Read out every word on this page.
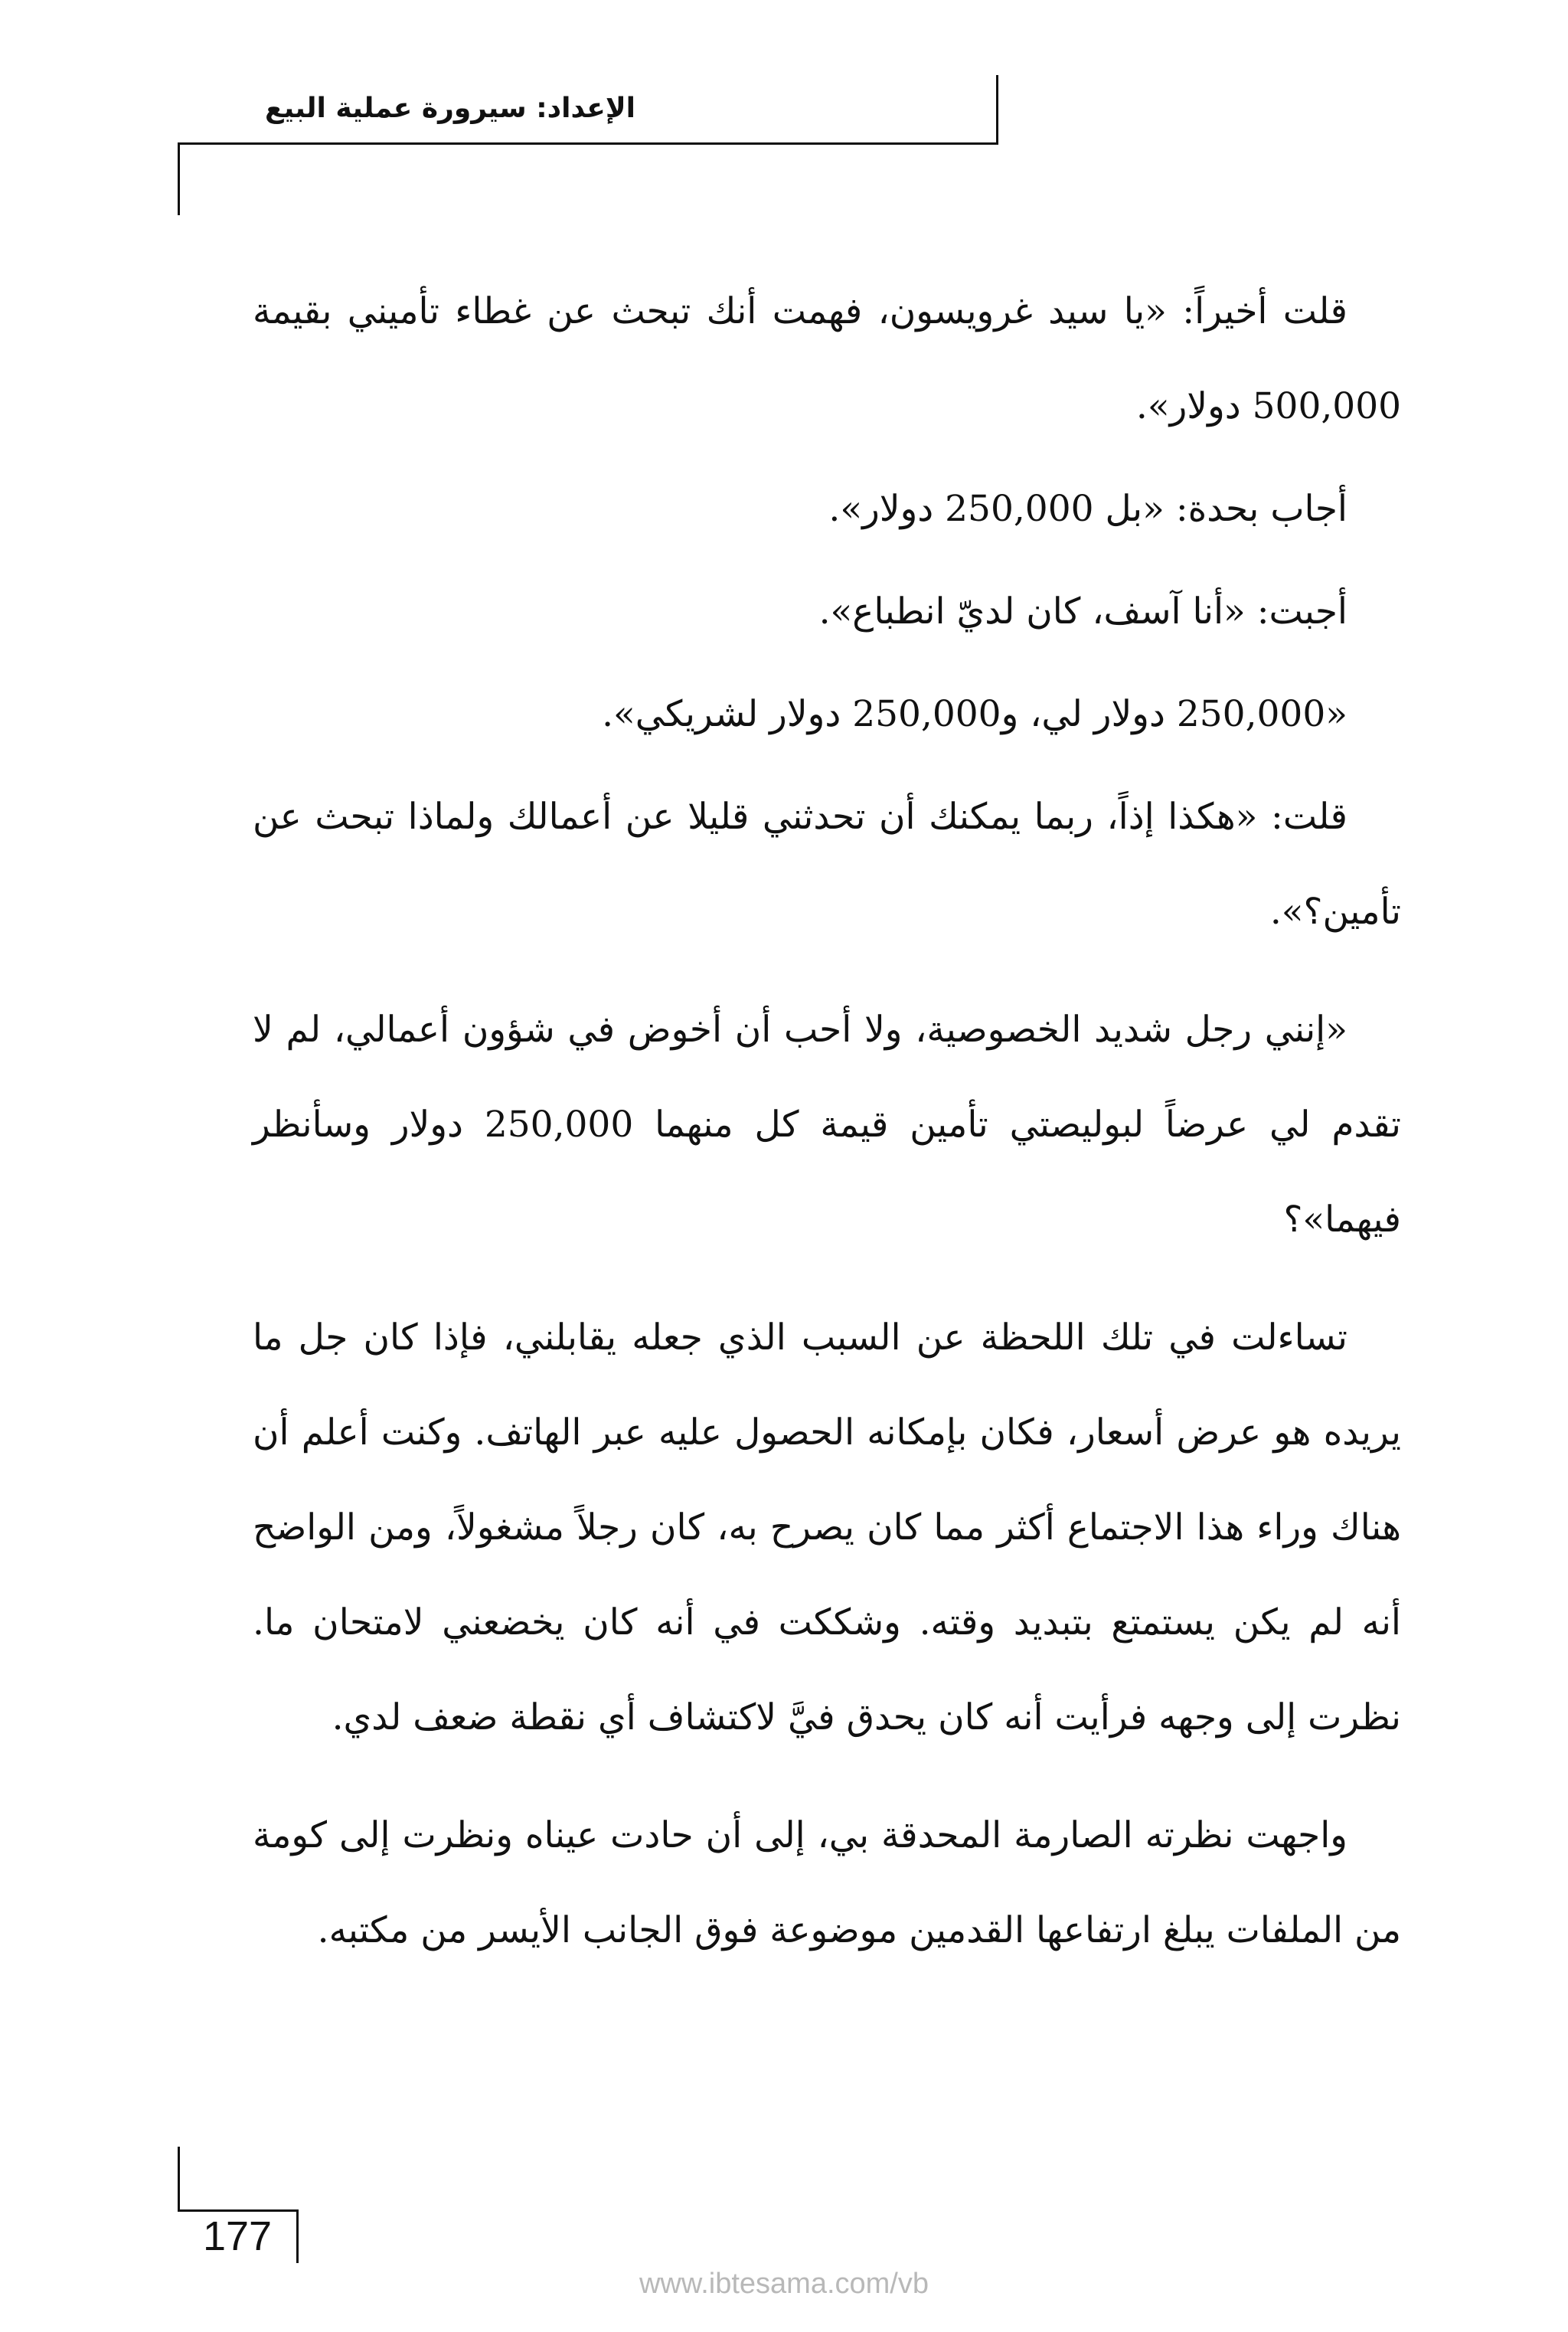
الإعداد: سيرورة عملية البيع

قلت أخيراً: «يا سيد غرويسون، فهمت أنك تبحث عن غطاء تأميني بقيمة 500,000 دولار».

أجاب بحدة: «بل 250,000 دولار».

أجبت: «أنا آسف، كان لديّ انطباع».

«250,000 دولار لي، و250,000 دولار لشريكي».

قلت: «هكذا إذاً، ربما يمكنك أن تحدثني قليلا عن أعمالك ولماذا تبحث عن تأمين؟».

«إنني رجل شديد الخصوصية، ولا أحب أن أخوض في شؤون أعمالي، لم لا تقدم لي عرضاً لبوليصتي تأمين قيمة كل منهما 250,000 دولار وسأنظر فيهما»؟

تساءلت في تلك اللحظة عن السبب الذي جعله يقابلني، فإذا كان جل ما يريده هو عرض أسعار، فكان بإمكانه الحصول عليه عبر الهاتف. وكنت أعلم أن هناك وراء هذا الاجتماع أكثر مما كان يصرح به، كان رجلاً مشغولاً، ومن الواضح أنه لم يكن يستمتع بتبديد وقته. وشككت في أنه كان يخضعني لامتحان ما. نظرت إلى وجهه فرأيت أنه كان يحدق فيَّ لاكتشاف أي نقطة ضعف لدي.

واجهت نظرته الصارمة المحدقة بي، إلى أن حادت عيناه ونظرت إلى كومة من الملفات يبلغ ارتفاعها القدمين موضوعة فوق الجانب الأيسر من مكتبه.

177
www.ibtesama.com/vb
